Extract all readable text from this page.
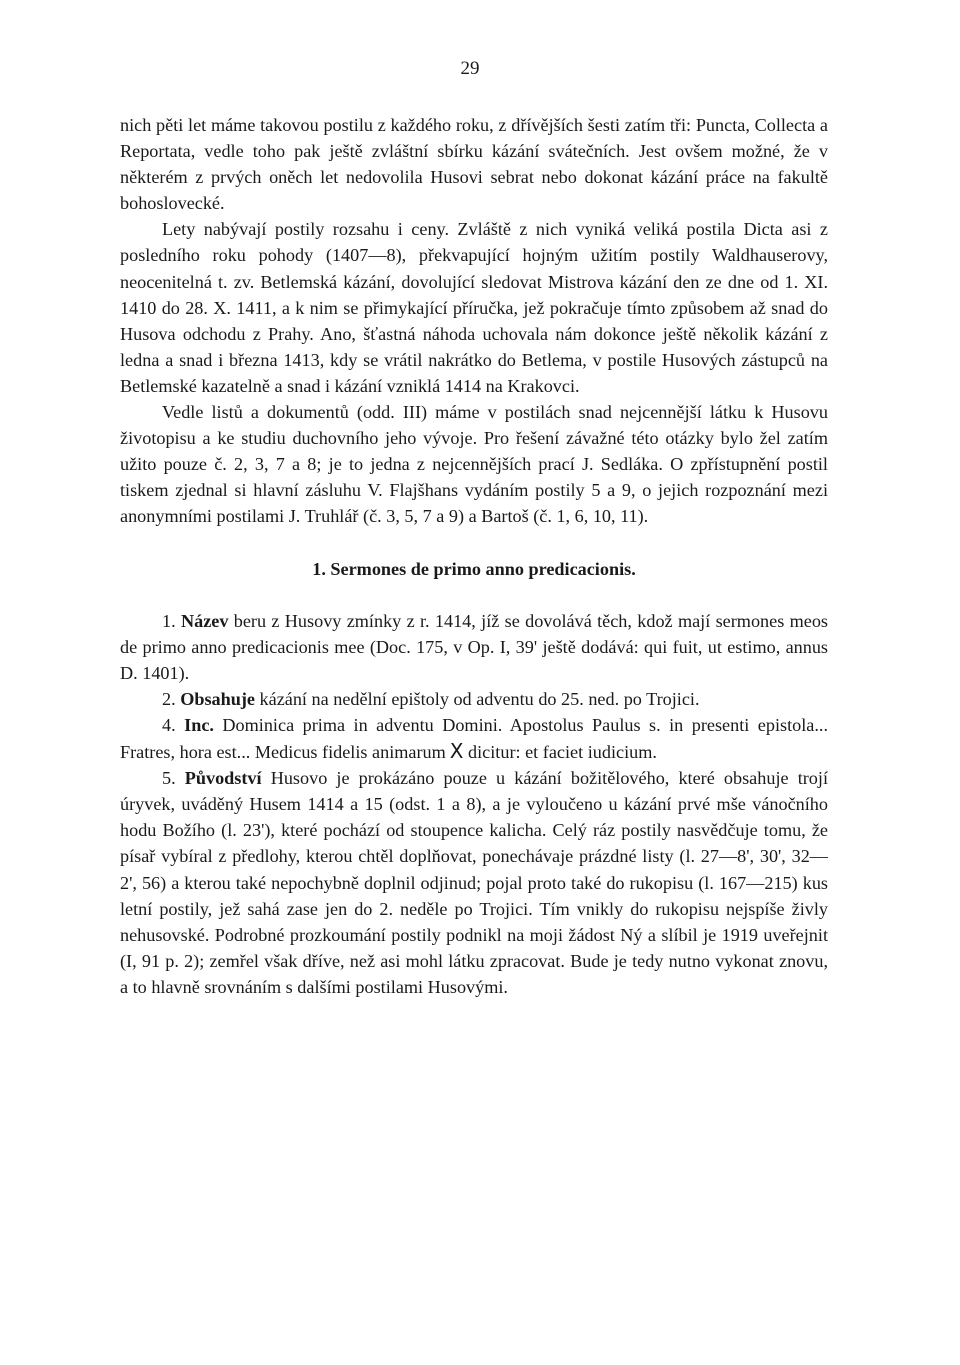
29

nich pěti let máme takovou postilu z každého roku, z dřívějších šesti zatím tři: Puncta, Collecta a Reportata, vedle toho pak ještě zvláštní sbírku kázání svátečních. Jest ovšem možné, že v některém z prvých oněch let nedovolila Husovi sebrat nebo dokonat kázání práce na fakultě bohoslovecké.

Lety nabývají postily rozsahu i ceny. Zvláště z nich vyniká veliká postila Dicta asi z posledního roku pohody (1407—8), překvapující hojným užitím postily Waldhauserovy, neocenitelná t. zv. Betlemská kázání, dovolující sledovat Mistrova kázání den ze dne od 1. XI. 1410 do 28. X. 1411, a k nim se přimykající příručka, jež pokračuje tímto způsobem až snad do Husova odchodu z Prahy. Ano, šťastná náhoda uchovala nám dokonce ještě několik kázání z ledna a snad i března 1413, kdy se vrátil nakrátko do Betlema, v postile Husových zástupců na Betlemské kazatelně a snad i kázání vzniklá 1414 na Krakovci.

Vedle listů a dokumentů (odd. III) máme v postilách snad nejcennější látku k Husovu životopisu a ke studiu duchovního jeho vývoje. Pro řešení závažné této otázky bylo žel zatím užito pouze č. 2, 3, 7 a 8; je to jedna z nejcennějších prací J. Sedláka. O zpřístupnění postil tiskem zjednal si hlavní zásluhu V. Flajšhans vydáním postily 5 a 9, o jejich rozpoznání mezi anonymními postilami J. Truhlář (č. 3, 5, 7 a 9) a Bartoš (č. 1, 6, 10, 11).

1. Sermones de primo anno predicacionis.

1. Název beru z Husovy zmínky z r. 1414, jíž se dovolává těch, kdož mají sermones meos de primo anno predicacionis mee (Doc. 175, v Op. I, 39' ještě dodává: qui fuit, ut estimo, annus D. 1401).

2. Obsahuje kázání na nedělní epištoly od adventu do 25. ned. po Trojici.

4. Inc. Dominica prima in adventu Domini. Apostolus Paulus s. in presenti epistola... Fratres, hora est... Medicus fidelis animarum X dicitur: et faciet iudicium.

5. Původství Husovo je prokázáno pouze u kázání božitělového, které obsahuje trojí úryvek, uváděný Husem 1414 a 15 (odst. 1 a 8), a je vyloučeno u kázání prvé mše vánočního hodu Božího (l. 23'), které pochází od stoupence kalicha. Celý ráz postily nasvědčuje tomu, že písař vybíral z předlohy, kterou chtěl doplňovat, ponechávaje prázdné listy (l. 27—8', 30', 32—2', 56) a kterou také nepochybně doplnil odjinud; pojal proto také do rukopisu (l. 167—215) kus letní postily, jež sahá zase jen do 2. neděle po Trojici. Tím vnikly do rukopisu nejspíše živly nehusovské. Podrobné prozkoumání postily podnikl na moji žádost Ný a slíbil je 1919 uveřejnit (I, 91 p. 2); zemřel však dříve, než asi mohl látku zpracovat. Bude je tedy nutno vykonat znovu, a to hlavně srovnáním s dalšími postilami Husovými.
